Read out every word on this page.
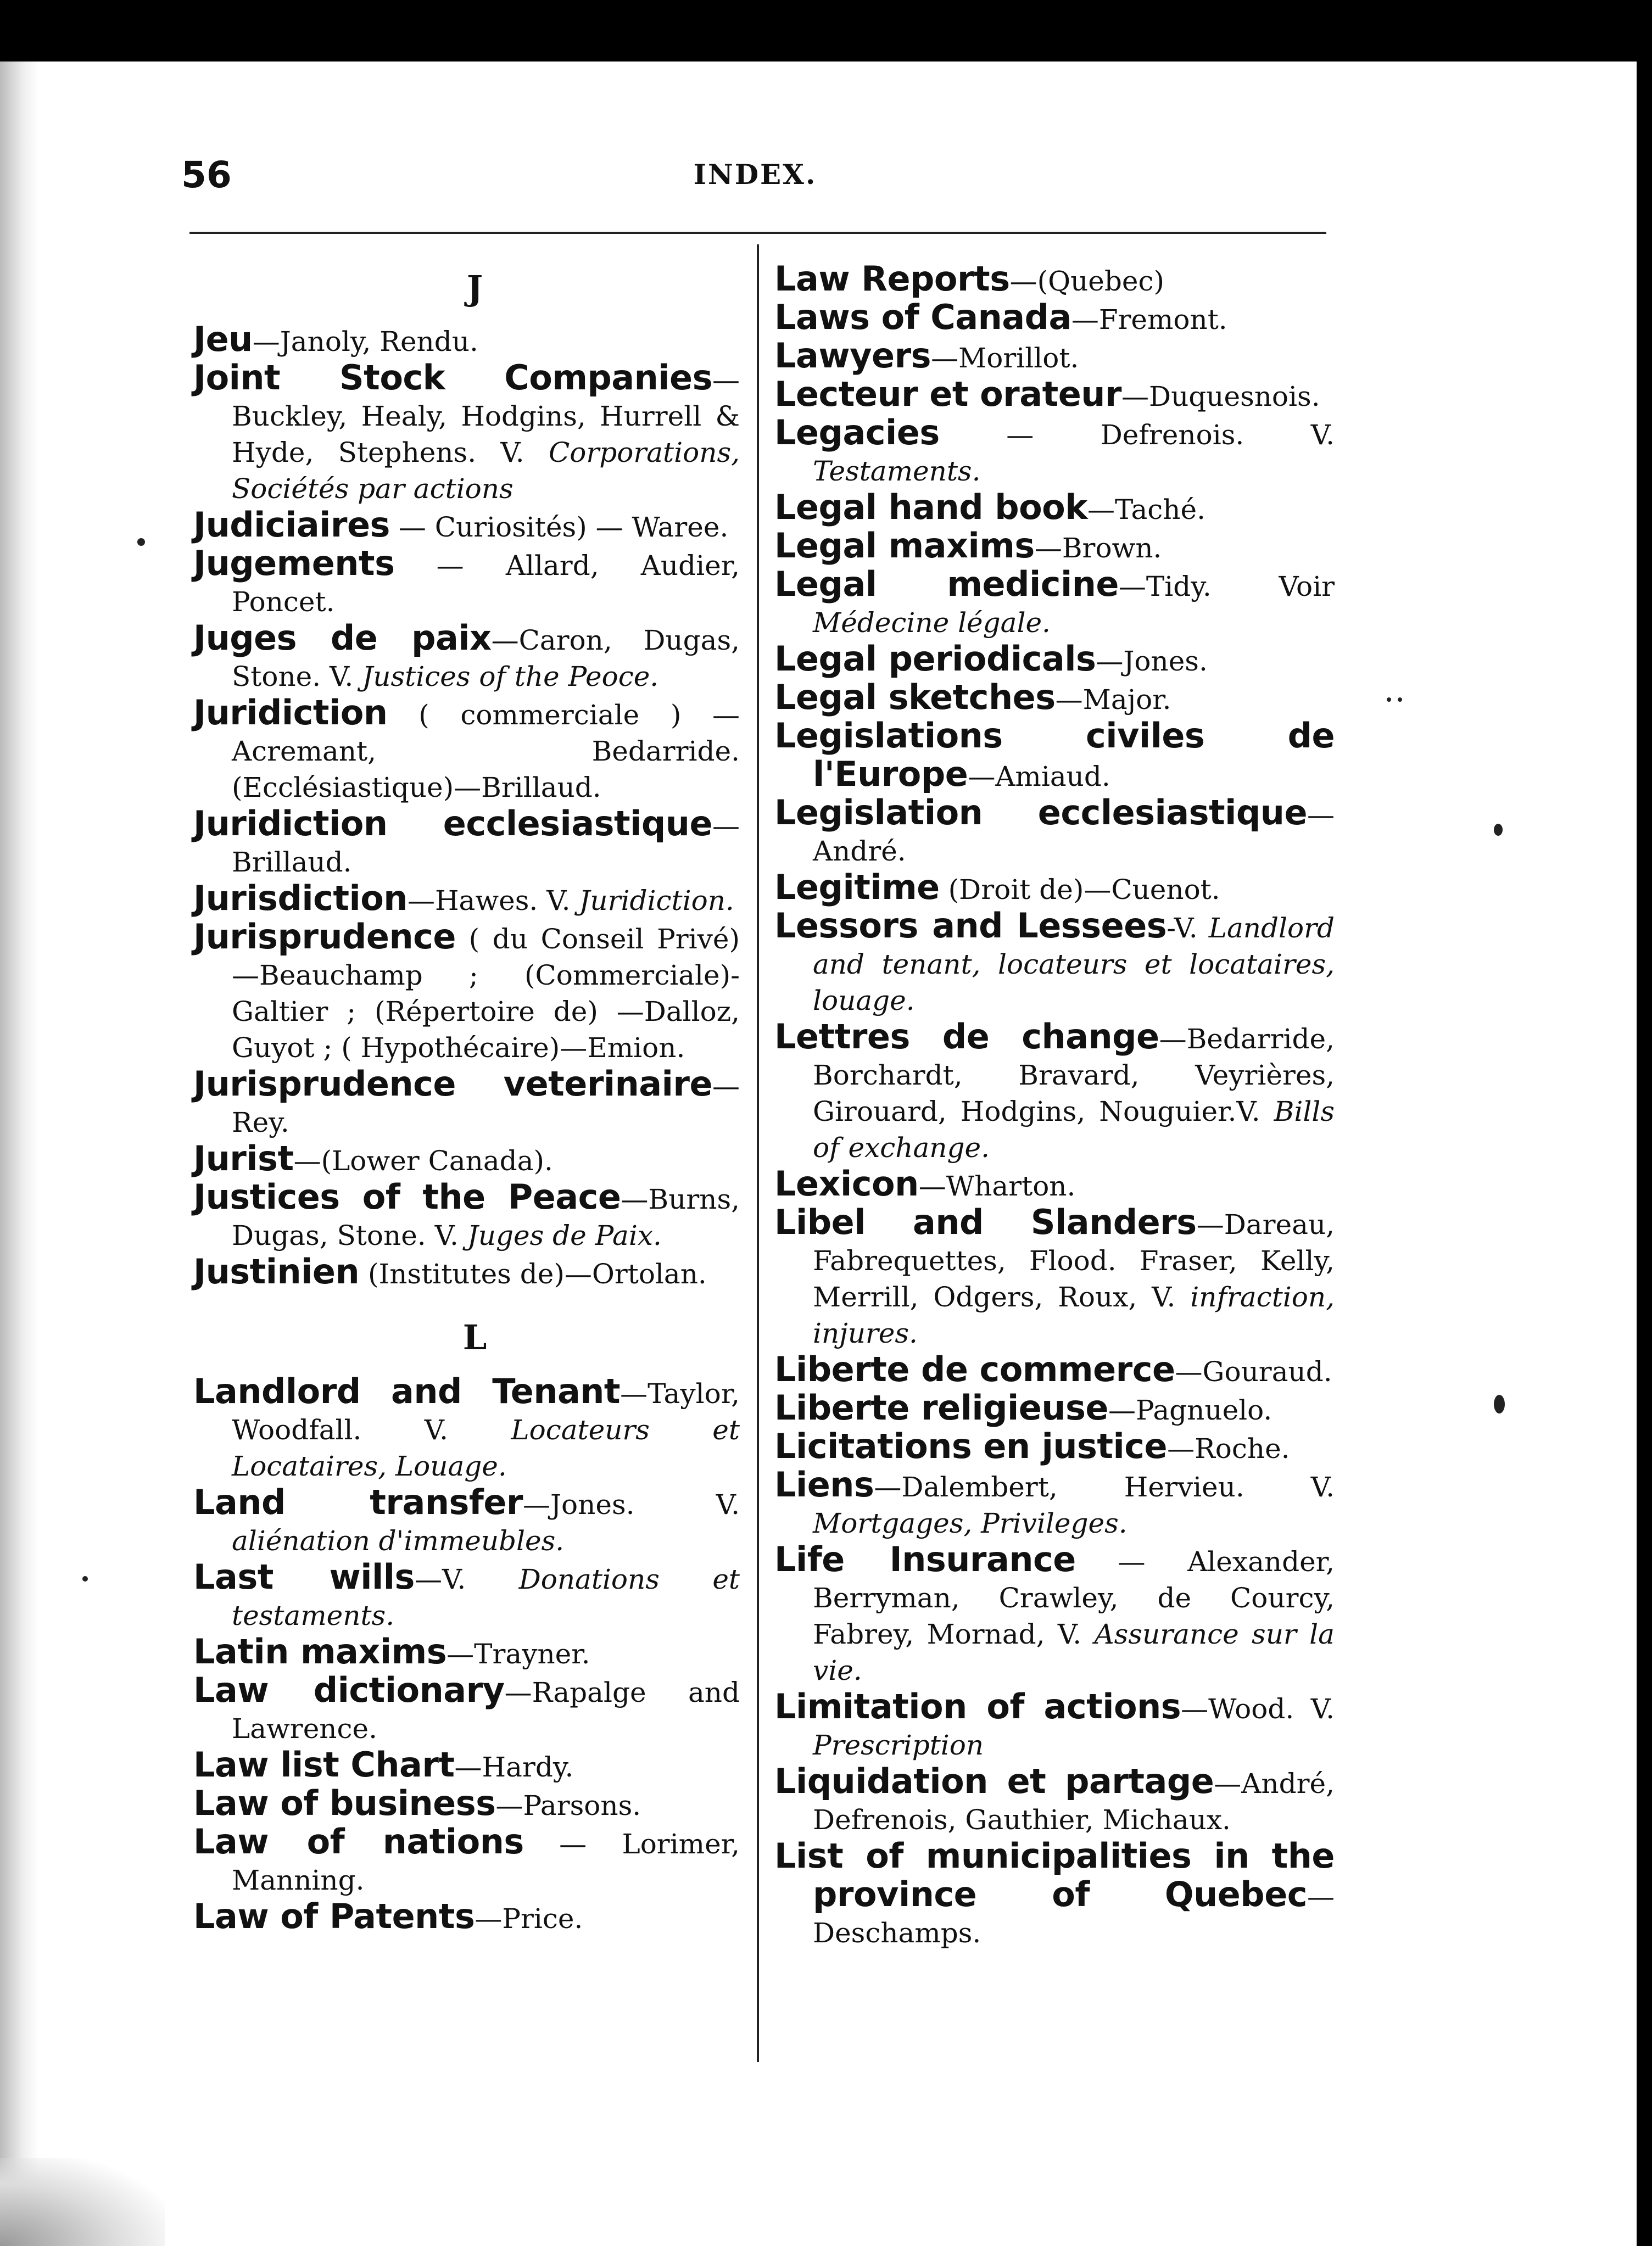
56	INDEX.
J

Jeu—Janoly, Rendu.

Joint Stock Companies—Buckley, Healy, Hodgins, Hurrell & Hyde, Stephens. V. Corporations, Sociétés par actions

Judiciaires — Curiosités) — Waree.

Jugements — Allard, Audier, Poncet.

Juges de paix—Caron, Dugas, Stone. V. Justices of the Peoce.

Juridiction ( commerciale ) — Acremant, Bedarride. (Ecclésiastique)—Brillaud.

Juridiction ecclesiastique—Brillaud.

Jurisdiction—Hawes. V. Juridiction.

Jurisprudence ( du Conseil Privé)—Beauchamp ; (Commerciale)-Galtier ; (Répertoire de) —Dalloz, Guyot ; ( Hypothécaire)—Emion.

Jurisprudence veterinaire—Rey.

Jurist—(Lower Canada).

Justices of the Peace—Burns, Dugas, Stone. V. Juges de Paix.

Justinien (Institutes de)—Ortolan.

L

Landlord and Tenant—Taylor, Woodfall. V. Locateurs et Locataires, Louage.

Land transfer—Jones. V. aliénation d'immeubles.

Last wills—V. Donations et testaments.

Latin maxims—Trayner.

Law dictionary—Rapalge and Lawrence.

Law list Chart—Hardy.

Law of business—Parsons.

Law of nations — Lorimer, Manning.

Law of Patents—Price.

Law Reports—(Quebec)

Laws of Canada—Fremont.

Lawyers—Morillot.

Lecteur et orateur—Duquesnois.

Legacies — Defrenois. V. Testaments.

Legal hand book—Taché.

Legal maxims—Brown.

Legal medicine—Tidy. Voir Médecine légale.

Legal periodicals—Jones.

Legal sketches—Major.

Legislations civiles de l'Europe—Amiaud.

Legislation ecclesiastique—André.

Legitime (Droit de)—Cuenot.

Lessors and Lessees-V. Landlord and tenant, locateurs et locataires, louage.

Lettres de change—Bedarride, Borchardt, Bravard, Veyrières, Girouard, Hodgins, Nouguier.V. Bills of exchange.

Lexicon—Wharton.

Libel and Slanders—Dareau, Fabrequettes, Flood. Fraser, Kelly, Merrill, Odgers, Roux, V. infraction, injures.

Liberte de commerce—Gouraud.

Liberte religieuse—Pagnuelo.

Licitations en justice—Roche.

Liens—Dalembert, Hervieu. V. Mortgages, Privileges.

Life Insurance — Alexander, Berryman, Crawley, de Courcy, Fabrey, Mornad, V. Assurance sur la vie.

Limitation of actions—Wood. V. Prescription

Liquidation et partage—André, Defrenois, Gauthier, Michaux.

List of municipalities in the province of Quebec—Deschamps.
